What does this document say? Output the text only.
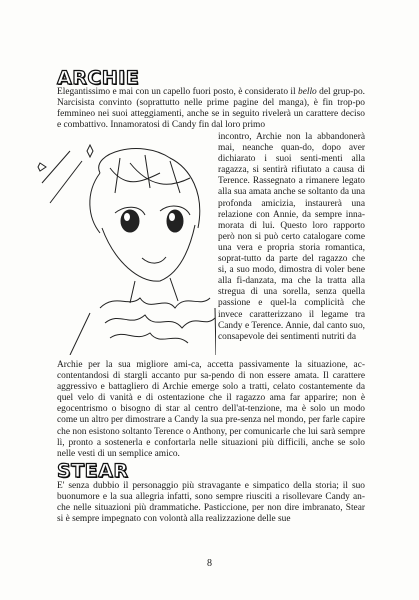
ARCHIE

Elegantissimo e mai con un capello fuori posto, è considerato il bello del grup-po. Narcisista convinto (soprattutto nelle prime pagine del manga), è fin trop-po femmineo nei suoi atteggiamenti, anche se in seguito rivelerà un carattere deciso e combattivo. Innamoratosi di Candy fin dal loro primo

incontro, Archie non la abbandonerà mai, neanche quan-do, dopo aver dichiarato i suoi senti-menti alla ragazza, si sentirà rifiutato a causa di Terence. Rassegnato a rimanere legato alla sua amata anche se soltanto da una profonda amicizia, instaurerà una relazione con Annie, da sempre inna-morata di lui. Questo loro rapporto però non si può certo catalogare come una vera e propria storia romantica, soprat-tutto da parte del ragazzo che si, a suo modo, dimostra di voler bene alla fi-danzata, ma che la tratta alla stregua di una sorella, senza quella passione e quel-la complicità che invece caratterizzano il legame tra Candy e Terence. Annie, dal canto suo, consapevole dei sentimenti nutriti da

Archie per la sua migliore ami-ca, accetta passivamente la situazione, ac-contentandosi di stargli accanto pur sa-pendo di non essere amata. Il carattere aggressivo e battagliero di Archie emerge solo a tratti, celato costantemente da quel velo di vanità e di ostentazione che il ragazzo ama far apparire; non è egocentrismo o bisogno di star al centro dell'at-tenzione, ma è solo un modo come un altro per dimostrare a Candy la sua pre-senza nel mondo, per farle capire che non esistono soltanto Terence o Anthony, per comunicarle che lui sarà sempre lì, pronto a sostenerla e confortarla nelle situazioni più difficili, anche se solo nelle vesti di un semplice amico.

STEAR

E' senza dubbio il personaggio più stravagante e simpatico della storia; il suo buonumore e la sua allegria infatti, sono sempre riusciti a risollevare Candy an-che nelle situazioni più drammatiche. Pasticcione, per non dire imbranato, Stear si è sempre impegnato con volontà alla realizzazione delle sue

8
